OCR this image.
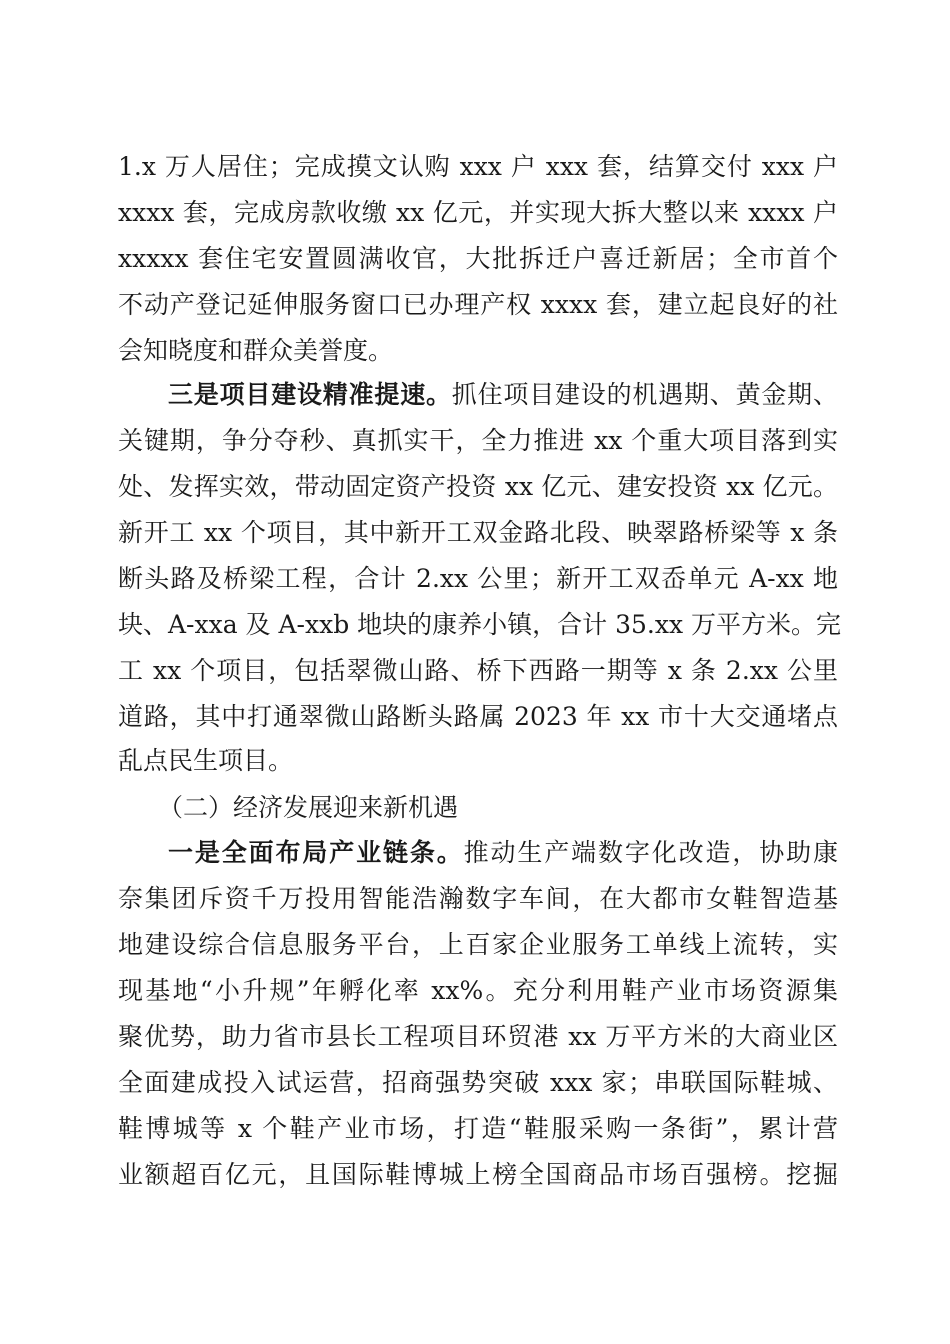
1.x 万人居住；完成摸文认购 xxx 户 xxx 套，结算交付 xxx 户
xxxx 套，完成房款收缴 xx 亿元，并实现大拆大整以来 xxxx 户
xxxxx 套住宅安置圆满收官，大批拆迁户喜迁新居；全市首个
不动产登记延伸服务窗口已办理产权 xxxx 套，建立起良好的社
会知晓度和群众美誉度。
三是项目建设精准提速。抓住项目建设的机遇期、黄金期、
关键期，争分夺秒、真抓实干，全力推进 xx 个重大项目落到实
处、发挥实效，带动固定资产投资 xx 亿元、建安投资 xx 亿元。
新开工 xx 个项目，其中新开工双金路北段、映翠路桥梁等 x 条
断头路及桥梁工程，合计 2.xx 公里；新开工双岙单元 A-xx 地
块、A-xxa 及 A-xxb 地块的康养小镇，合计 35.xx 万平方米。完
工 xx 个项目，包括翠微山路、桥下西路一期等 x 条 2.xx 公里
道路，其中打通翠微山路断头路属 2023 年 xx 市十大交通堵点
乱点民生项目。
（二）经济发展迎来新机遇
一是全面布局产业链条。推动生产端数字化改造，协助康
奈集团斥资千万投用智能浩瀚数字车间，在大都市女鞋智造基
地建设综合信息服务平台，上百家企业服务工单线上流转，实
现基地“小升规”年孵化率 xx%。充分利用鞋产业市场资源集
聚优势，助力省市县长工程项目环贸港 xx 万平方米的大商业区
全面建成投入试运营，招商强势突破 xxx 家；串联国际鞋城、
鞋博城等 x 个鞋产业市场，打造“鞋服采购一条街”，累计营
业额超百亿元，且国际鞋博城上榜全国商品市场百强榜。挖掘
